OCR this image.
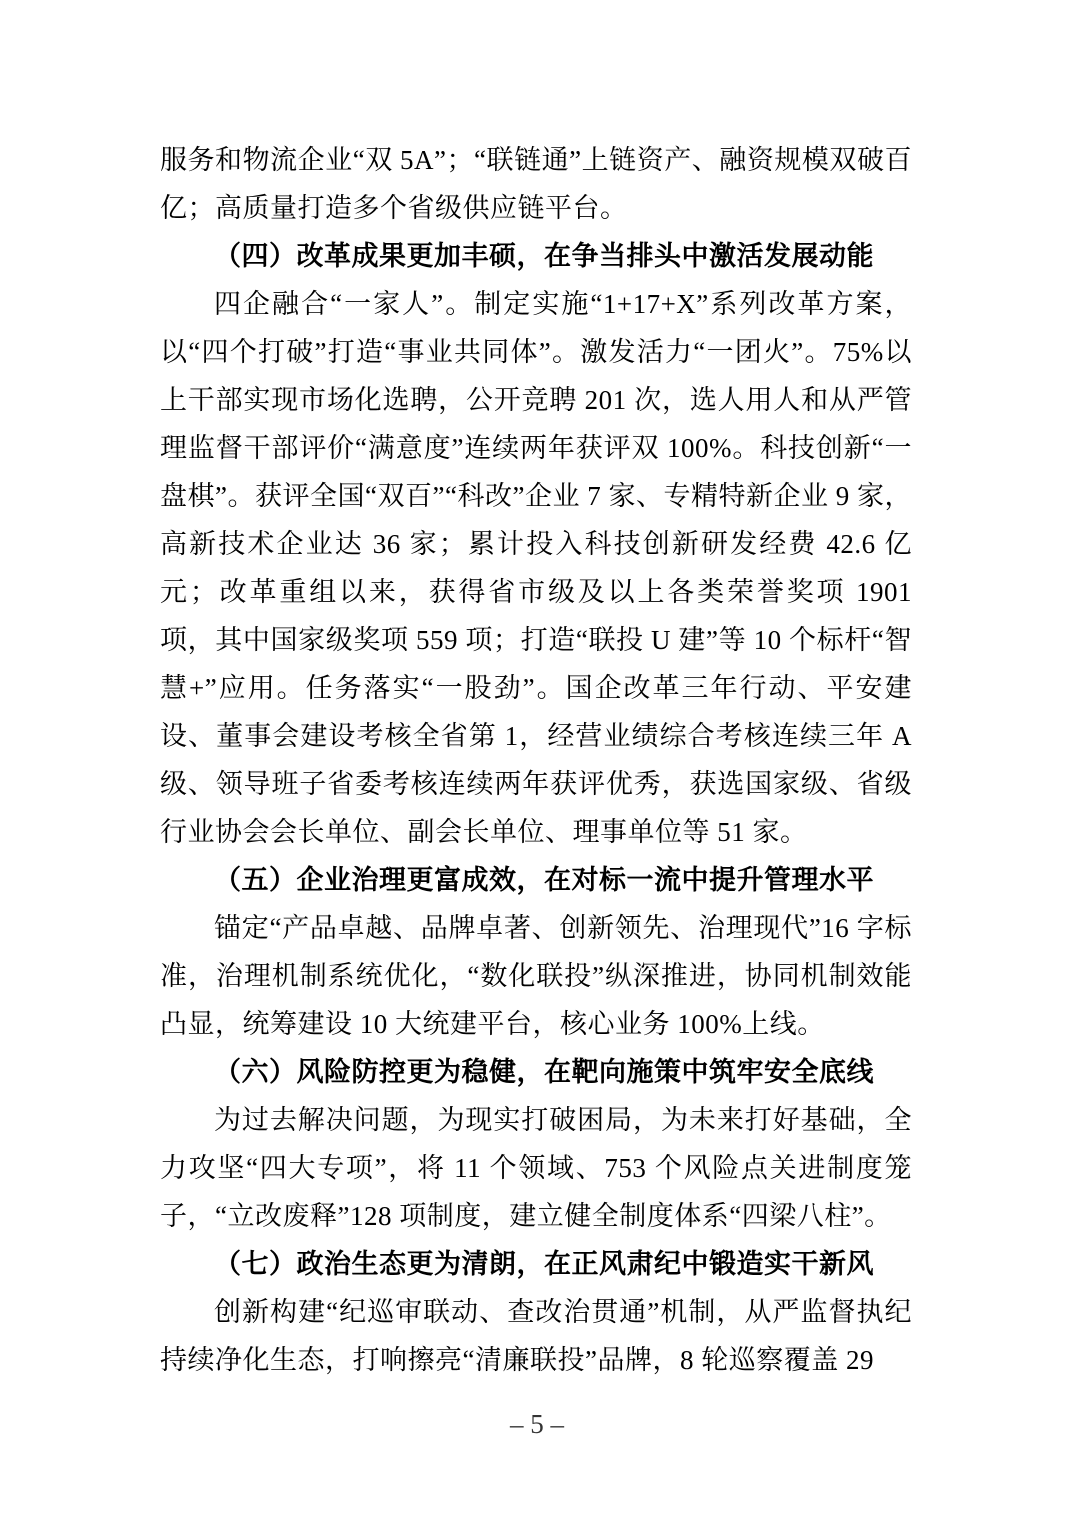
服务和物流企业“双 5A”；“联链通”上链资产、融资规模双破百亿；高质量打造多个省级供应链平台。

（四）改革成果更加丰硕，在争当排头中激活发展动能

四企融合“一家人”。制定实施“1+17+X”系列改革方案，以“四个打破”打造“事业共同体”。激发活力“一团火”。75%以上干部实现市场化选聘，公开竞聘 201 次，选人用人和从严管理监督干部评价“满意度”连续两年获评双 100%。科技创新“一盘棋”。获评全国“双百”“科改”企业 7 家、专精特新企业 9 家，高新技术企业达 36 家；累计投入科技创新研发经费 42.6 亿元；改革重组以来，获得省市级及以上各类荣誉奖项 1901 项，其中国家级奖项 559 项；打造“联投 U 建”等 10 个标杆“智慧+”应用。任务落实“一股劲”。国企改革三年行动、平安建设、董事会建设考核全省第 1，经营业绩综合考核连续三年 A 级、领导班子省委考核连续两年获评优秀，获选国家级、省级行业协会会长单位、副会长单位、理事单位等 51 家。

（五）企业治理更富成效，在对标一流中提升管理水平

锚定“产品卓越、品牌卓著、创新领先、治理现代”16 字标准，治理机制系统优化，“数化联投”纵深推进，协同机制效能凸显，统筹建设 10 大统建平台，核心业务 100%上线。

（六）风险防控更为稳健，在靶向施策中筑牢安全底线

为过去解决问题，为现实打破困局，为未来打好基础，全力攻坚“四大专项”，将 11 个领域、753 个风险点关进制度笼子，“立改废释”128 项制度，建立健全制度体系“四梁八柱”。

（七）政治生态更为清朗，在正风肃纪中锻造实干新风

创新构建“纪巡审联动、查改治贯通”机制，从严监督执纪持续净化生态，打响擦亮“清廉联投”品牌，8 轮巡察覆盖 29

– 5 –
